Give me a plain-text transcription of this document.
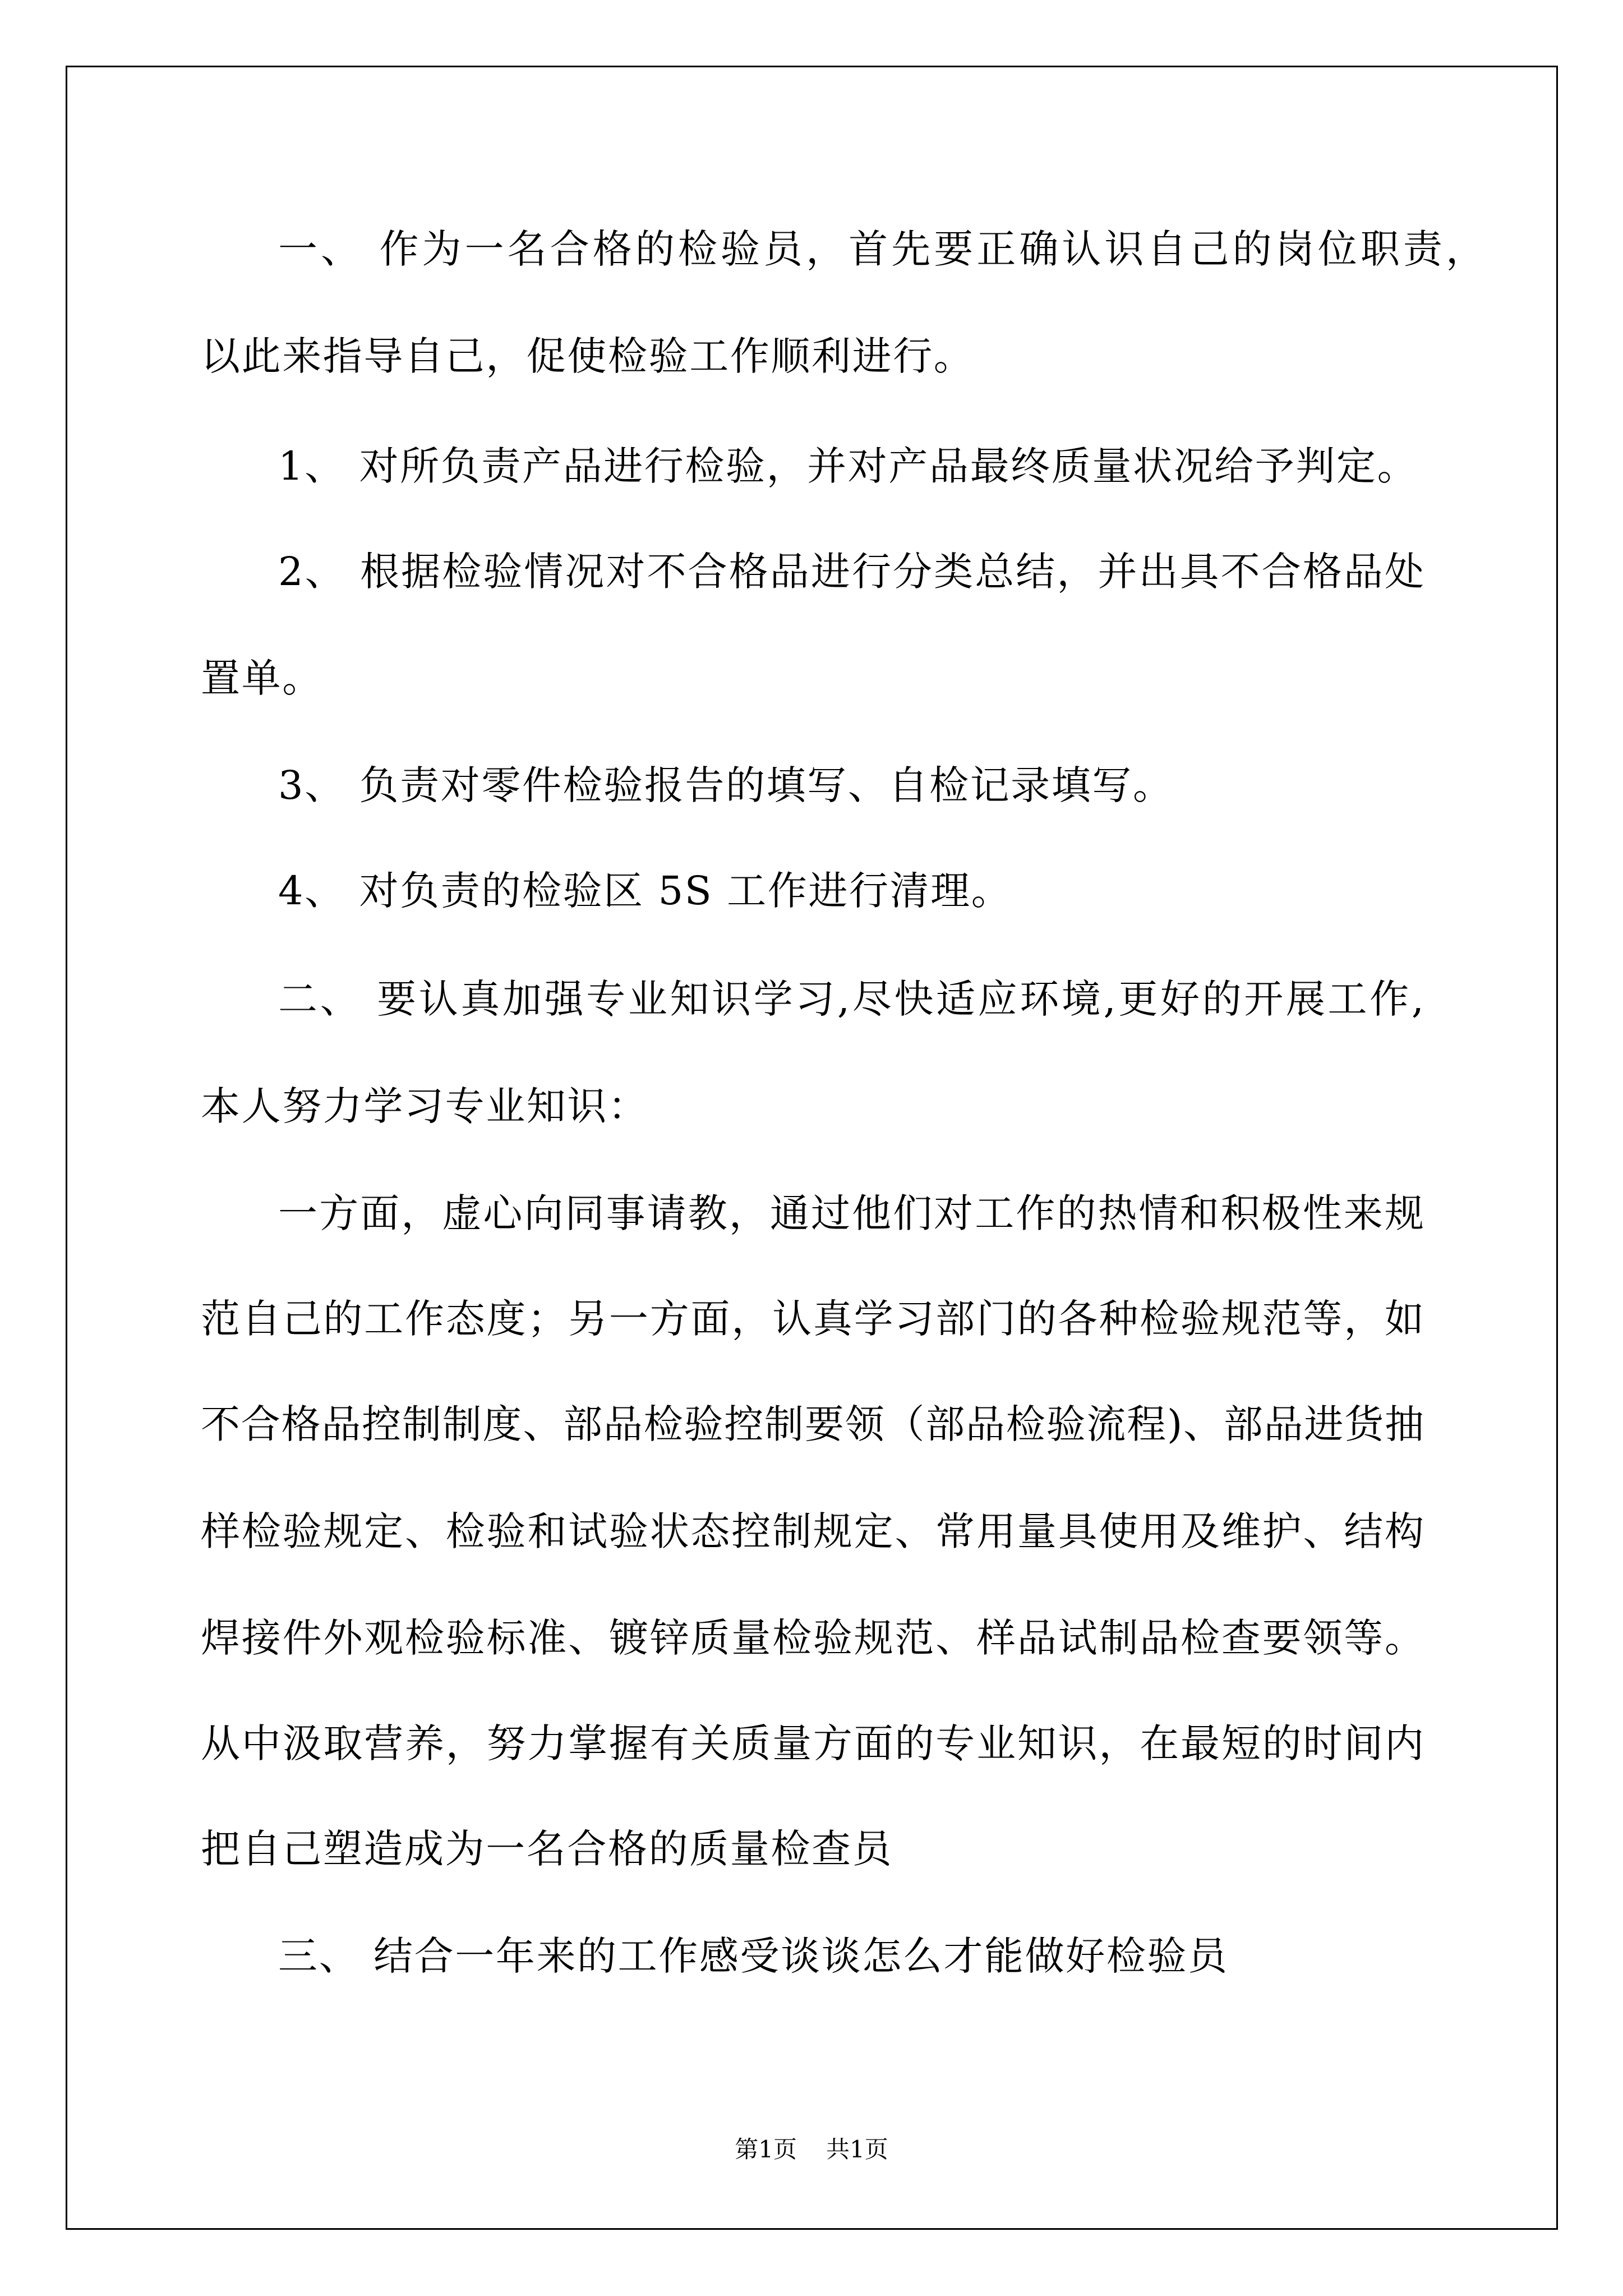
一、 作为一名合格的检验员，首先要正确认识自己的岗位职责，
以此来指导自己，促使检验工作顺利进行。
1、 对所负责产品进行检验，并对产品最终质量状况给予判定。
2、 根据检验情况对不合格品进行分类总结，并出具不合格品处
置单。
3、 负责对零件检验报告的填写、自检记录填写。
4、 对负责的检验区 5S 工作进行清理。
二、 要认真加强专业知识学习,尽快适应环境,更好的开展工作,
本人努力学习专业知识：
一方面，虚心向同事请教，通过他们对工作的热情和积极性来规
范自己的工作态度；另一方面，认真学习部门的各种检验规范等，如
不合格品控制制度、部品检验控制要领（部品检验流程)、部品进货抽
样检验规定、检验和试验状态控制规定、常用量具使用及维护、结构
焊接件外观检验标准、镀锌质量检验规范、样品试制品检查要领等。
从中汲取营养，努力掌握有关质量方面的专业知识，在最短的时间内
把自己塑造成为一名合格的质量检查员
三、 结合一年来的工作感受谈谈怎么才能做好检验员
第1页 共1页
